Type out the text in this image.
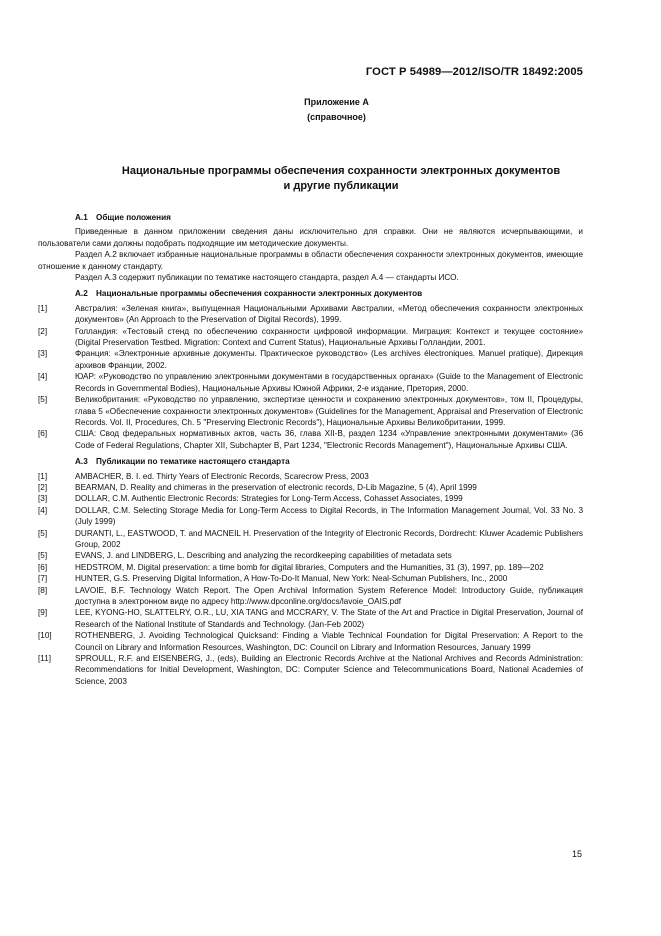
ГОСТ Р 54989—2012/ISO/TR 18492:2005
Приложение А
(справочное)
Национальные программы обеспечения сохранности электронных документов
и другие публикации

А.1 Общие положения

Приведенные в данном приложении сведения даны исключительно для справки. Они не являются исчерпывающими, и пользователи сами должны подобрать подходящие им методические документы.

Раздел А.2 включает избранные национальные программы в области обеспечения сохранности электронных документов, имеющие отношение к данному стандарту.

Раздел А.3 содержит публикации по тематике настоящего стандарта, раздел А.4 — стандарты ИСО.

А.2 Национальные программы обеспечения сохранности электронных документов

[1]	Австралия: «Зеленая книга», выпущенная Национальными Архивами Австралии, «Метод обеспечения сохранности электронных документов» (An Approach to the Preservation of Digital Records), 1999.
[2]	Голландия: «Тестовый стенд по обеспечению сохранности цифровой информации. Миграция: Контекст и текущее состояние» (Digital Preservation Testbed. Migration: Context and Current Status), Национальные Архивы Голландии, 2001.
[3]	Франция: «Электронные архивные документы. Практическое руководство» (Les archives électroniques. Manuel pratique), Дирекция архивов Франции, 2002.
[4]	ЮАР: «Руководство по управлению электронными документами в государственных органах» (Guide to the Management of Electronic Records in Governmental Bodies), Национальные Архивы Южной Африки, 2-е издание, Претория, 2000.
[5]	Великобритания: «Руководство по управлению, экспертизе ценности и сохранению электронных документов», том II, Процедуры, глава 5 «Обеспечение сохранности электронных документов» (Guidelines for the Management, Appraisal and Preservation of Electronic Records. Vol. II, Procedures, Ch. 5 "Preserving Electronic Records"), Национальные Архивы Великобритании, 1999.
[6]	США: Свод федеральных нормативных актов, часть 36, глава XII-B, раздел 1234 «Управление электронными документами» (36 Code of Federal Regulations, Chapter XII, Subchapter B, Part 1234, "Electronic Records Management"), Национальные Архивы США.

А.3 Публикации по тематике настоящего стандарта

[1]	AMBACHER, B. I. ed. Thirty Years of Electronic Records, Scarecrow Press, 2003
[2]	BEARMAN, D. Reality and chimeras in the preservation of electronic records, D-Lib Magazine, 5 (4), April 1999
[3]	DOLLAR, C.M. Authentic Electronic Records: Strategies for Long-Term Access, Cohasset Associates, 1999
[4]	DOLLAR, C.M. Selecting Storage Media for Long-Term Access to Digital Records, in The Information Management Journal, Vol. 33 No. 3 (July 1999)
[5]	DURANTI, L., EASTWOOD, T. and MACNEIL H. Preservation of the Integrity of Electronic Records, Dordrecht: Kluwer Academic Publishers Group, 2002
[5]	EVANS, J. and LINDBERG, L. Describing and analyzing the recordkeeping capabilities of metadata sets
[6]	HEDSTROM, M. Digital preservation: a time bomb for digital libraries, Computers and the Humanities, 31 (3), 1997, pp. 189—202
[7]	HUNTER, G.S. Preserving Digital Information, A How-To-Do-It Manual, New York: Neal-Schuman Publishers, Inc., 2000
[8]	LAVOIE, B.F. Technology Watch Report. The Open Archival Information System Reference Model: Introductory Guide, публикация доступна в электронном виде по адресу http://www.dpconline.org/docs/lavoie_OAIS.pdf
[9]	LEE, KYONG-HO, SLATTELRY, O.R., LU, XIA TANG and MCCRARY, V. The State of the Art and Practice in Digital Preservation, Journal of Research of the National Institute of Standards and Technology. (Jan-Feb 2002)
[10]	ROTHENBERG, J. Avoiding Technological Quicksand: Finding a Viable Technical Foundation for Digital Preservation: A Report to the Council on Library and Information Resources, Washington, DC: Council on Library and Information Resources, January 1999
[11]	SPROULL, R.F. and EISENBERG, J., (eds), Building an Electronic Records Archive at the National Archives and Records Administration: Recommendations for Initial Development, Washington, DC: Computer Science and Telecommunications Board, National Academies of Science, 2003
15
